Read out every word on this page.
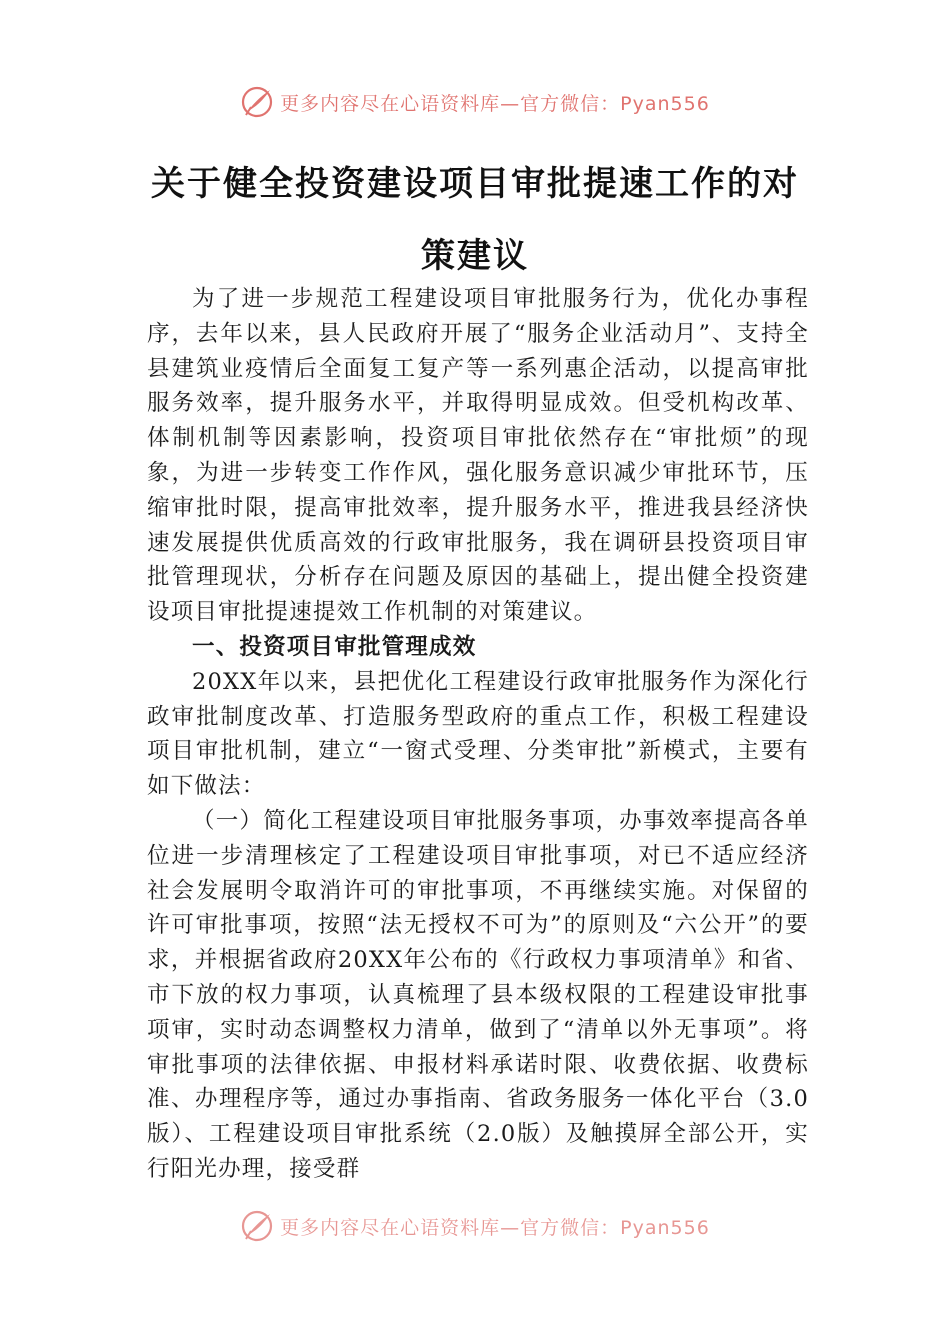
更多内容尽在心语资料库—官方微信：Pyan556
关于健全投资建设项目审批提速工作的对
策建议

为了进一步规范工程建设项目审批服务行为，优化办事程序，去年以来，县人民政府开展了“服务企业活动月”、支持全县建筑业疫情后全面复工复产等一系列惠企活动，以提高审批服务效率，提升服务水平，并取得明显成效。但受机构改革、体制机制等因素影响，投资项目审批依然存在“审批烦”的现象，为进一步转变工作作风，强化服务意识减少审批环节，压缩审批时限，提高审批效率，提升服务水平，推进我县经济快速发展提供优质高效的行政审批服务，我在调研县投资项目审批管理现状，分析存在问题及原因的基础上，提出健全投资建设项目审批提速提效工作机制的对策建议。

一、投资项目审批管理成效

20XX年以来，县把优化工程建设行政审批服务作为深化行政审批制度改革、打造服务型政府的重点工作，积极工程建设项目审批机制，建立“一窗式受理、分类审批”新模式，主要有如下做法：

（一）简化工程建设项目审批服务事项，办事效率提高各单位进一步清理核定了工程建设项目审批事项，对已不适应经济社会发展明令取消许可的审批事项，不再继续实施。对保留的许可审批事项，按照“法无授权不可为”的原则及“六公开”的要求，并根据省政府20XX年公布的《行政权力事项清单》和省、市下放的权力事项，认真梳理了县本级权限的工程建设审批事项审，实时动态调整权力清单，做到了“清单以外无事项”。将审批事项的法律依据、申报材料承诺时限、收费依据、收费标准、办理程序等，通过办事指南、省政务服务一体化平台（3.0版）、工程建设项目审批系统（2.0版）及触摸屏全部公开，实行阳光办理，接受群

更多内容尽在心语资料库—官方微信：Pyan556
